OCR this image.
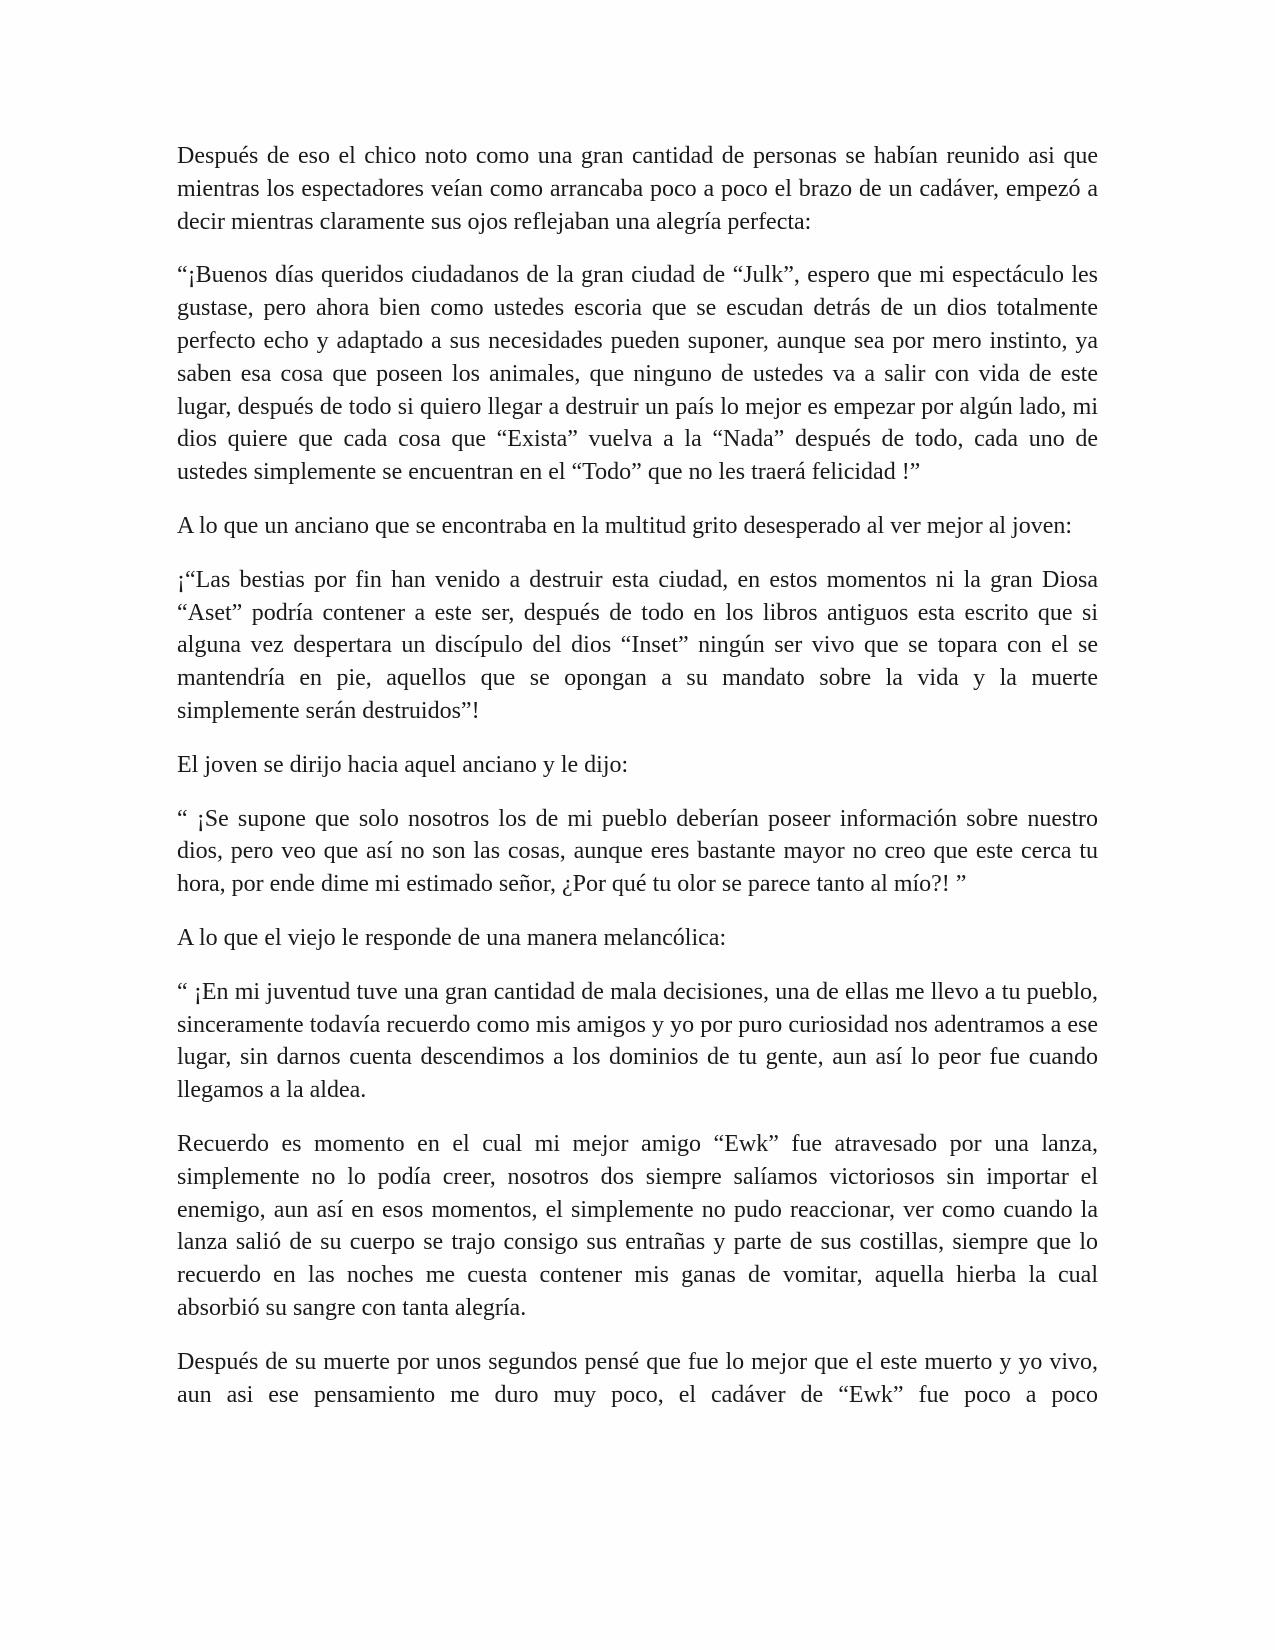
Después de eso el chico noto como una gran cantidad de personas se habían reunido asi que mientras los espectadores veían como arrancaba poco a poco el brazo de un cadáver, empezó a decir mientras claramente sus ojos reflejaban una alegría perfecta:

“¡Buenos días queridos ciudadanos de la gran ciudad de “Julk”, espero que mi espectáculo les gustase, pero ahora bien como ustedes escoria que se escudan detrás de un dios totalmente perfecto echo y adaptado a sus necesidades pueden suponer, aunque sea por mero instinto, ya saben esa cosa que poseen los animales, que ninguno de ustedes va a salir con vida de este lugar, después de todo si quiero llegar a destruir un país lo mejor es empezar por algún lado, mi dios quiere que cada cosa que “Exista” vuelva a la “Nada” después de todo, cada uno de ustedes simplemente se encuentran en el “Todo” que no les traerá felicidad !”

A lo que un anciano que se encontraba en la multitud grito desesperado al ver mejor al joven:

¡“Las bestias por fin han venido a destruir esta ciudad, en estos momentos ni la gran Diosa “Aset” podría contener a este ser, después de todo en los libros antiguos esta escrito que si alguna vez despertara un discípulo del dios “Inset” ningún ser vivo que se topara con el se mantendría en pie, aquellos que se opongan a su mandato sobre la vida y la muerte simplemente serán destruidos”!

El joven se dirijo hacia aquel anciano y le dijo:

“ ¡Se supone que solo nosotros los de mi pueblo deberían poseer información sobre nuestro dios, pero veo que así no son las cosas, aunque eres bastante mayor no creo que este cerca tu hora, por ende dime mi estimado señor, ¿Por qué tu olor se parece tanto al mío?! ”

A lo que el viejo le responde de una manera melancólica:

“ ¡En mi juventud tuve una gran cantidad de mala decisiones, una de ellas me llevo a tu pueblo, sinceramente todavía recuerdo como mis amigos y yo por puro curiosidad nos adentramos a ese lugar, sin darnos cuenta descendimos a los dominios de tu gente, aun así lo peor fue cuando llegamos a la aldea.

Recuerdo es momento en el cual mi mejor amigo “Ewk” fue atravesado por una lanza, simplemente no lo podía creer, nosotros dos siempre salíamos victoriosos sin importar el enemigo, aun así en esos momentos, el simplemente no pudo reaccionar, ver como cuando la lanza salió de su cuerpo se trajo consigo sus entrañas y parte de sus costillas, siempre que lo recuerdo en las noches me cuesta contener mis ganas de vomitar, aquella hierba la cual absorbió su sangre con tanta alegría.

Después de su muerte por unos segundos pensé que fue lo mejor que el este muerto y yo vivo, aun asi ese pensamiento me duro muy poco, el cadáver de “Ewk” fue poco a poco
